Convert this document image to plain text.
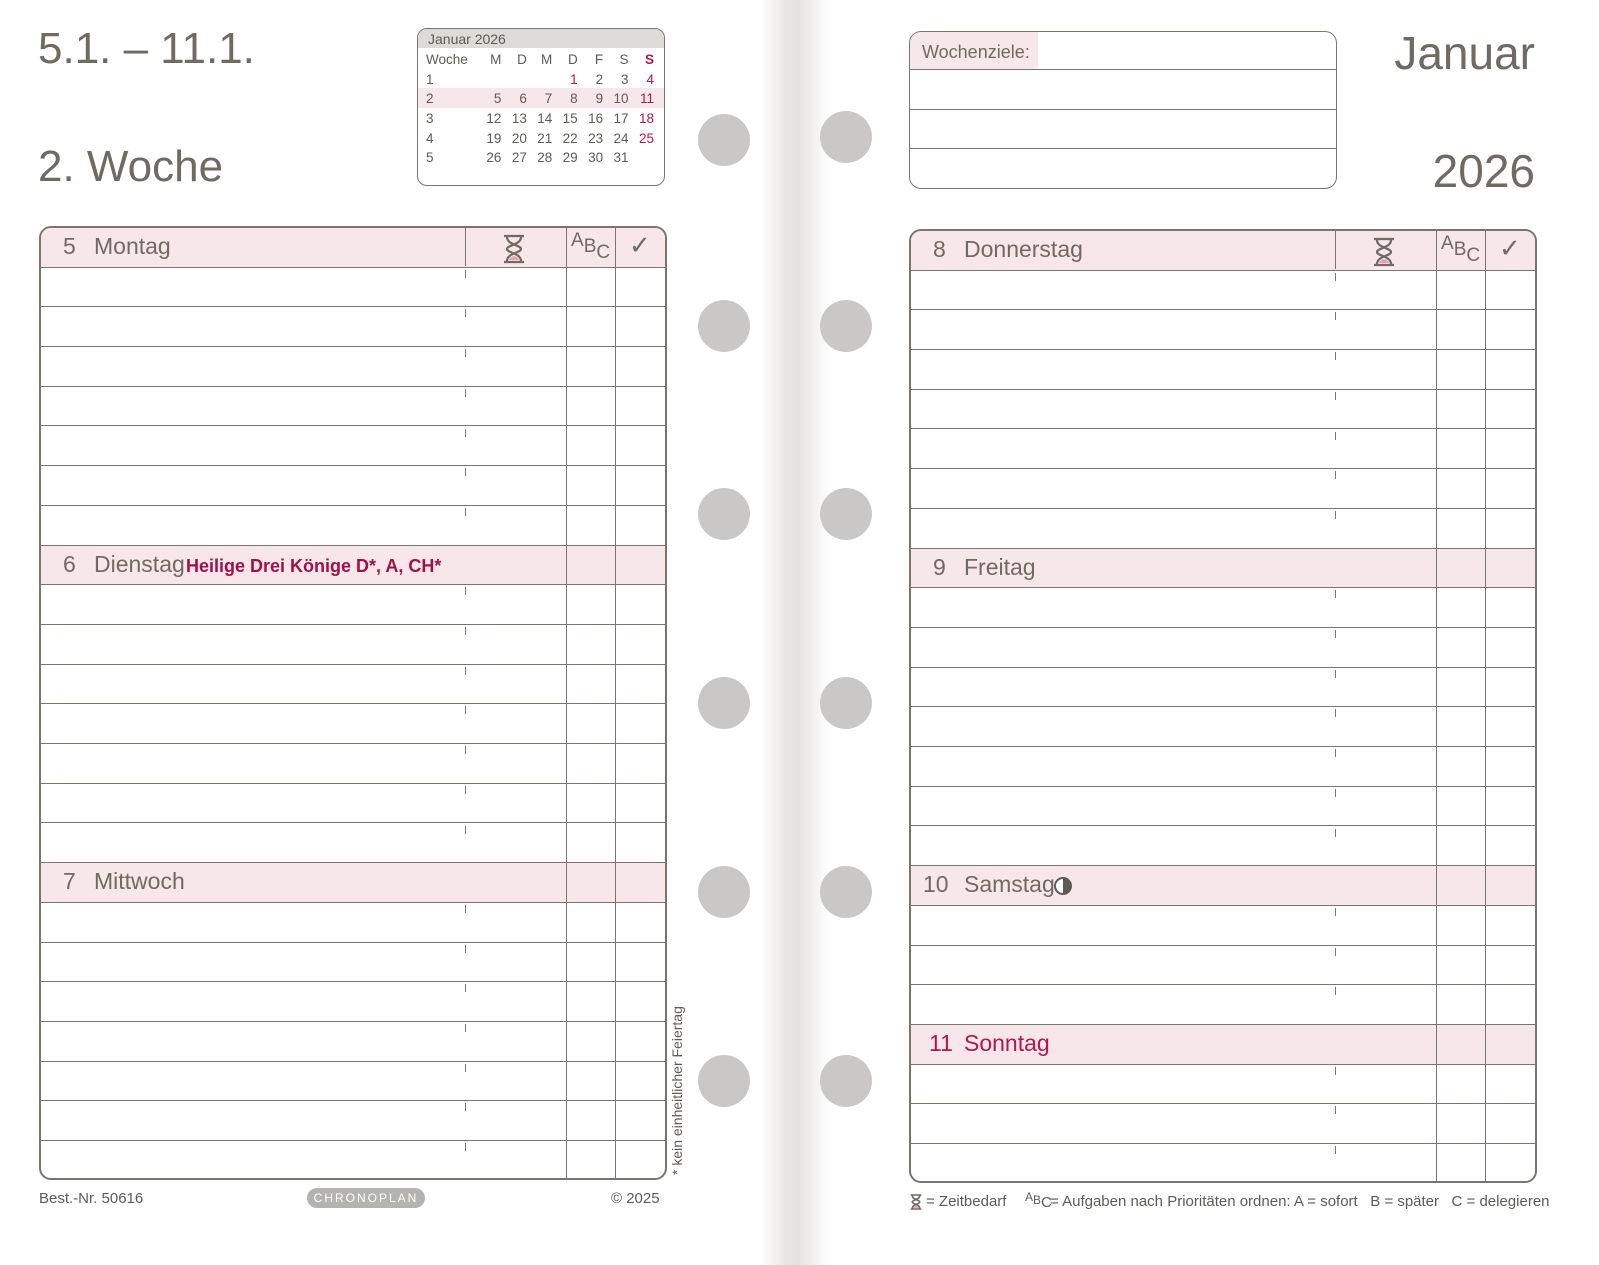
5.1. – 11.1.
2. Woche
Januar 2026
Woche	M	D	M	D	F	S	S
1				1	2	3	4
2	5	6	7	8	9	10	11
3	12	13	14	15	16	17	18
4	19	20	21	22	23	24	25
5	26	27	28	29	30	31	
ABC ✓
5 Montag
6 Dienstag Heilige Drei Könige D*, A, CH*
7 Mittwoch
* kein einheitlicher Feiertag
Best.-Nr. 50616	CHRONOPLAN	© 2025
Wochenziele:	Januar
2026
ABC ✓
8 Donnerstag
9 Freitag
10 Samstag
11 Sonntag
= Zeitbedarf ABC
= Aufgaben nach Prioritäten ordnen: A = sofort   B = später   C = delegieren
